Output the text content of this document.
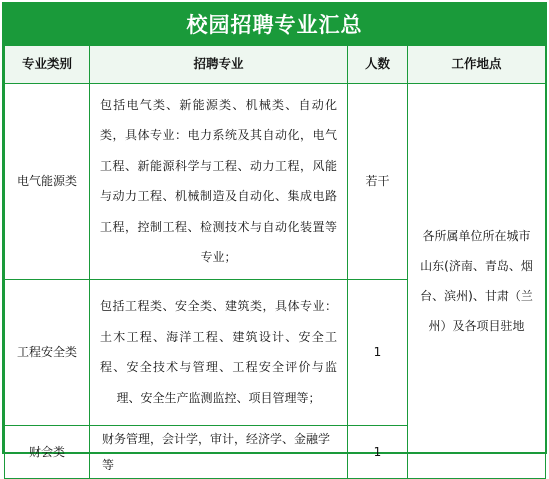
校园招聘专业汇总
专业类别	招聘专业	人数	工作地点
电气能源类	包括电气类、新能源类、机械类、自动化类，具体专业：电力系统及其自动化，电气工程、新能源科学与工程、动力工程，风能与动力工程、机械制造及自动化、集成电路工程，控制工程、检测技术与自动化装置等专业；	若干	各所属单位所在城市山东(济南、青岛、烟台、滨州)、甘肃（兰州）及各项目驻地
工程安全类	包括工程类、安全类、建筑类，具体专业：土木工程、海洋工程、建筑设计、安全工程、安全技术与管理、工程安全评价与监理、安全生产监测监控、项目管理等；	1	
财会类	财务管理，会计学，审计，经济学、金融学等	1	
